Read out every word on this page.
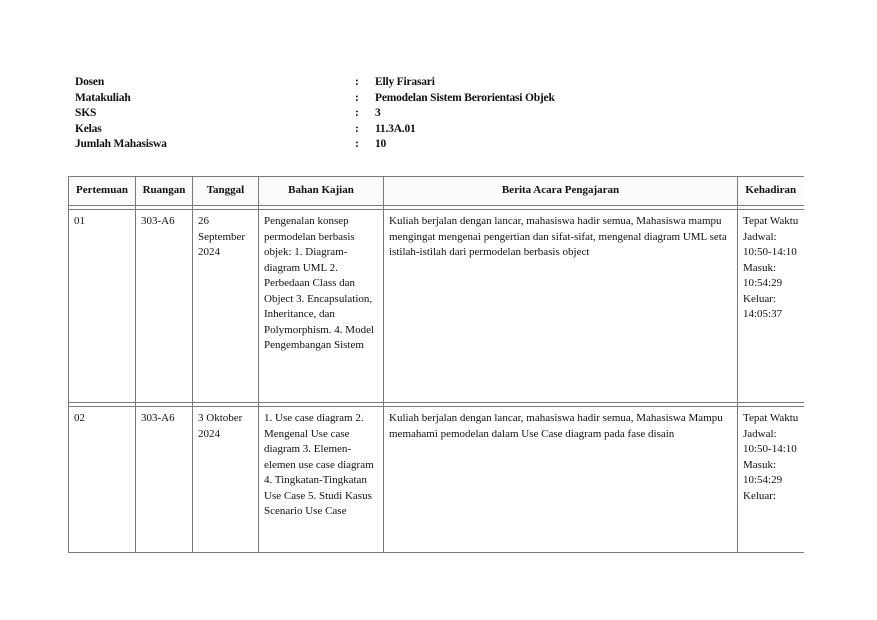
Dosen	:	Elly Firasari
Matakuliah	:	Pemodelan Sistem Berorientasi Objek
SKS	:	3
Kelas	:	11.3A.01
Jumlah Mahasiswa	:	10
Pertemuan	Ruangan	Tanggal	Bahan Kajian	Berita Acara Pengajaran	Kehadiran

01	303-A6	26 September 2024	Pengenalan konsep permodelan berbasis objek: 1. Diagram-diagram UML 2. Perbedaan Class dan Object 3. Encapsulation, Inheritance, dan Polymorphism. 4. Model Pengembangan Sistem	Kuliah berjalan dengan lancar, mahasiswa hadir semua, Mahasiswa mampu mengingat mengenai pengertian dan sifat-sifat, mengenal diagram UML seta istilah-istilah dari permodelan berbasis object	Tepat Waktu Jadwal: 10:50-14:10 Masuk: 10:54:29 Keluar: 14:05:37

02	303-A6	3 Oktober 2024	1. Use case diagram 2. Mengenal Use case diagram 3. Elemen-elemen use case diagram 4. Tingkatan-Tingkatan Use Case 5. Studi Kasus Scenario Use Case	Kuliah berjalan dengan lancar, mahasiswa hadir semua, Mahasiswa Mampu memahami pemodelan dalam Use Case diagram pada fase disain	Tepat Waktu Jadwal: 10:50-14:10 Masuk: 10:54:29 Keluar:
